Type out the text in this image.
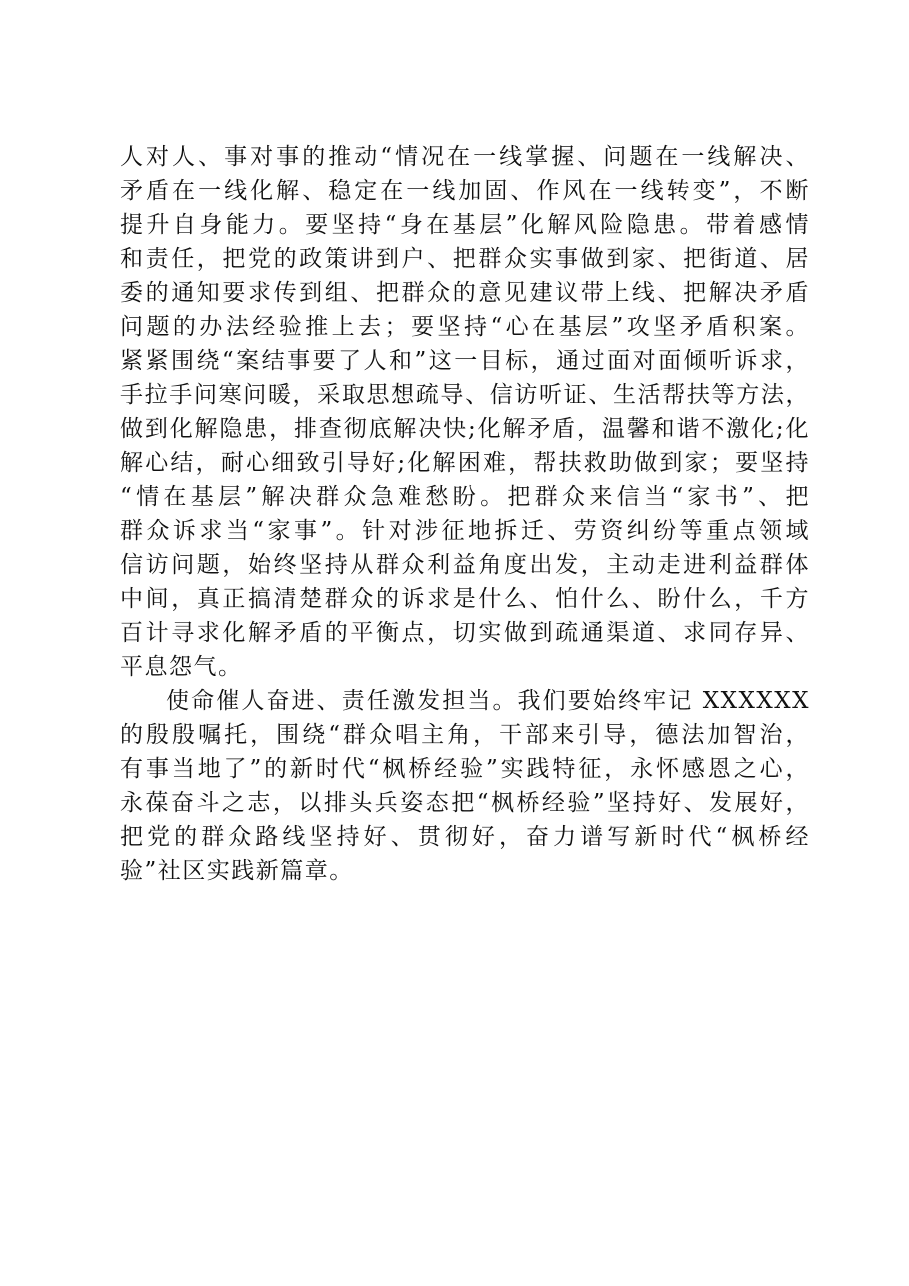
人对人、事对事的推动“情况在一线掌握、问题在一线解决、
矛盾在一线化解、稳定在一线加固、作风在一线转变”，不断
提升自身能力。要坚持“身在基层”化解风险隐患。带着感情
和责任，把党的政策讲到户、把群众实事做到家、把街道、居
委的通知要求传到组、把群众的意见建议带上线、把解决矛盾
问题的办法经验推上去；要坚持“心在基层”攻坚矛盾积案。
紧紧围绕“案结事要了人和”这一目标，通过面对面倾听诉求，
手拉手问寒问暖，采取思想疏导、信访听证、生活帮扶等方法，
做到化解隐患，排查彻底解决快;化解矛盾，温馨和谐不激化;化
解心结，耐心细致引导好;化解困难，帮扶救助做到家；要坚持
“情在基层”解决群众急难愁盼。把群众来信当“家书”、把
群众诉求当“家事”。针对涉征地拆迁、劳资纠纷等重点领域
信访问题，始终坚持从群众利益角度出发，主动走进利益群体
中间，真正搞清楚群众的诉求是什么、怕什么、盼什么，千方
百计寻求化解矛盾的平衡点，切实做到疏通渠道、求同存异、
平息怨气。
使命催人奋进、责任激发担当。我们要始终牢记 XXXXXX
的殷殷嘱托，围绕“群众唱主角，干部来引导，德法加智治，
有事当地了”的新时代“枫桥经验”实践特征，永怀感恩之心，
永葆奋斗之志，以排头兵姿态把“枫桥经验”坚持好、发展好，
把党的群众路线坚持好、贯彻好，奋力谱写新时代“枫桥经
验”社区实践新篇章。
